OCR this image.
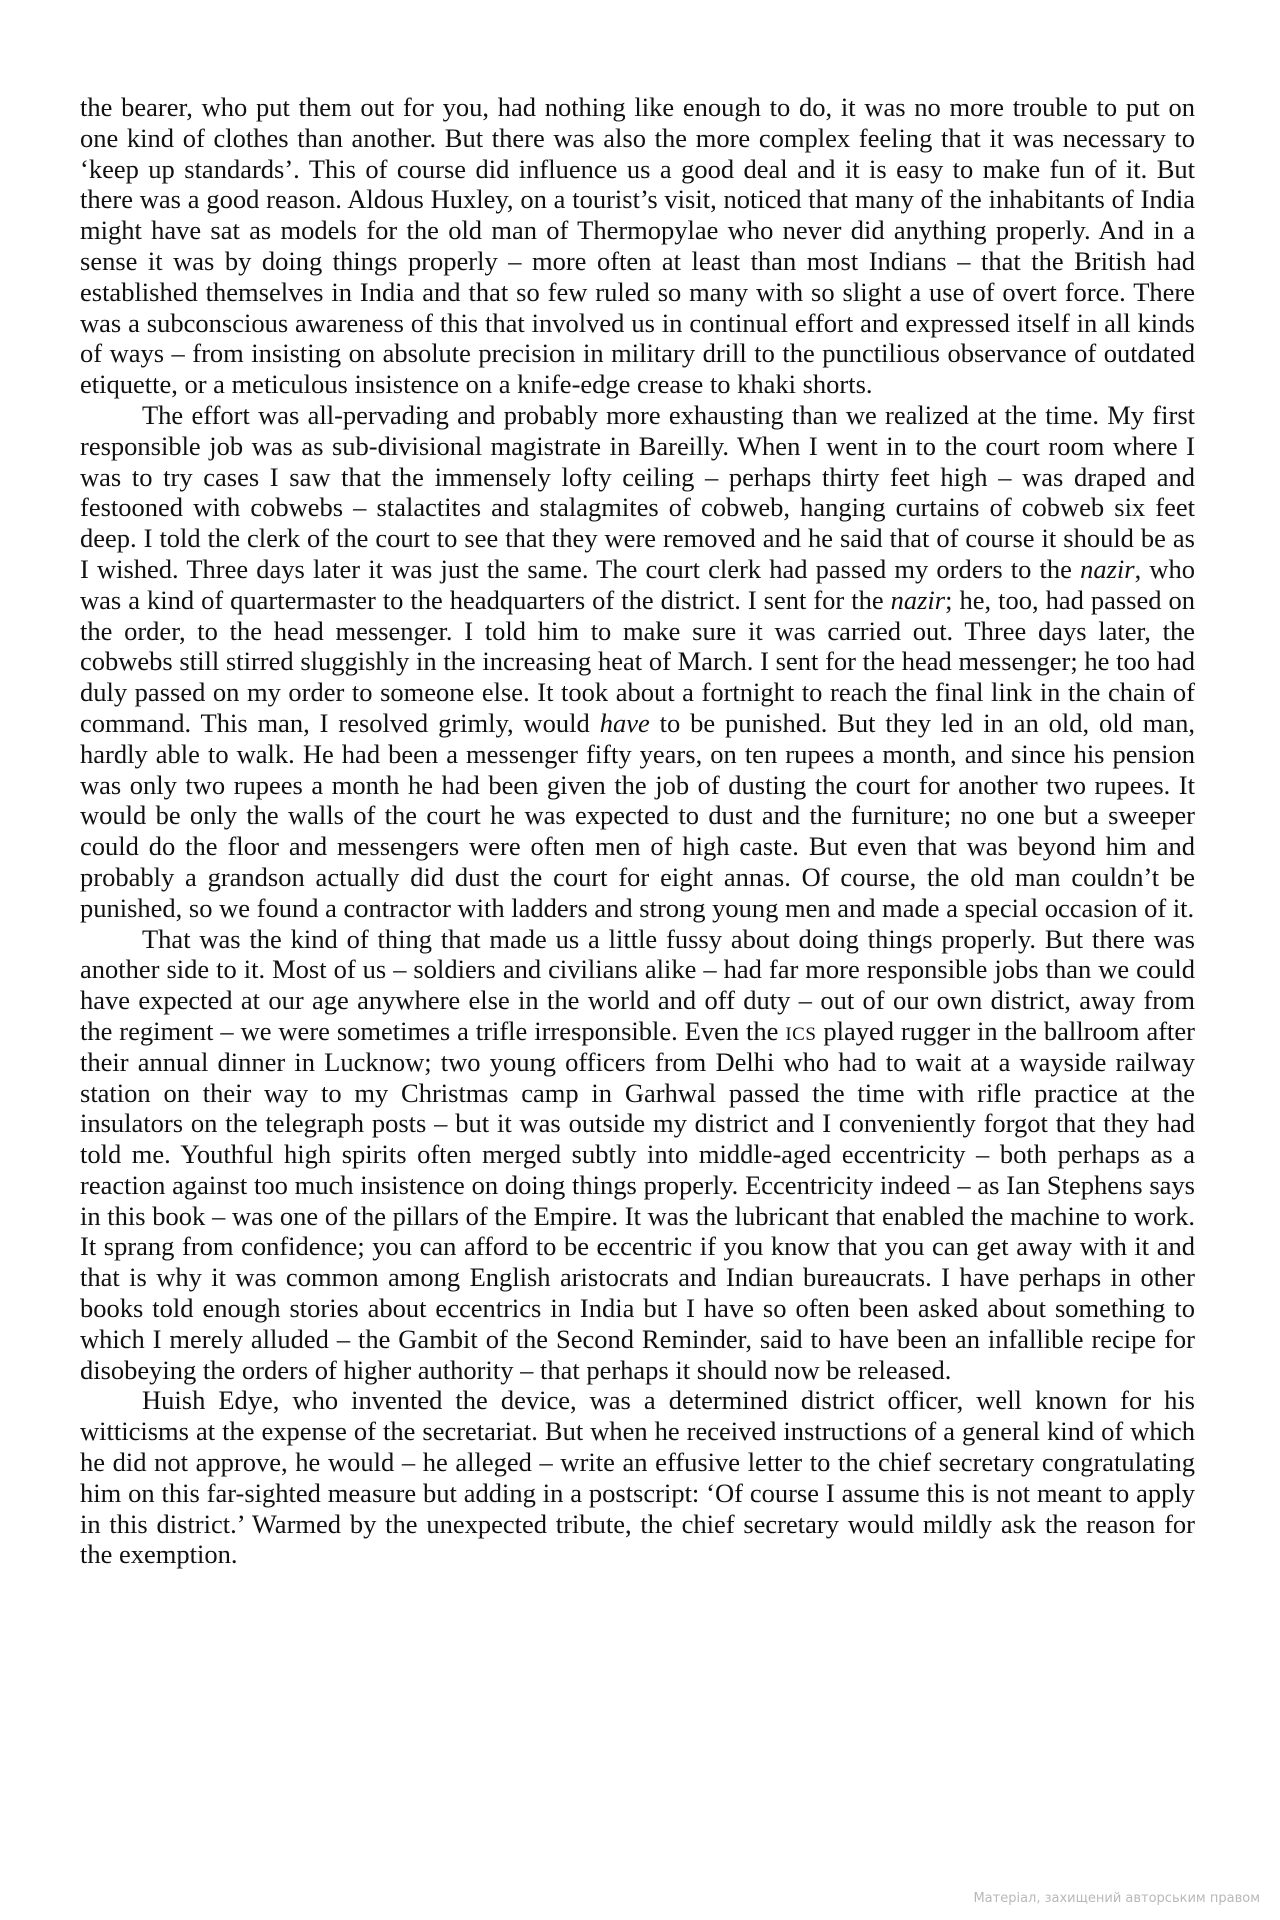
the bearer, who put them out for you, had nothing like enough to do, it was no more trouble to put on one kind of clothes than another. But there was also the more complex feeling that it was necessary to ‘keep up standards’. This of course did influence us a good deal and it is easy to make fun of it. But there was a good reason. Aldous Huxley, on a tourist’s visit, noticed that many of the inhabitants of India might have sat as models for the old man of Thermopylae who never did anything properly. And in a sense it was by doing things properly – more often at least than most Indians – that the British had established themselves in India and that so few ruled so many with so slight a use of overt force. There was a subconscious awareness of this that involved us in continual effort and expressed itself in all kinds of ways – from insisting on absolute precision in military drill to the punctilious observance of outdated etiquette, or a meticulous insistence on a knife-edge crease to khaki shorts.

The effort was all-pervading and probably more exhausting than we realized at the time. My first responsible job was as sub-divisional magistrate in Bareilly. When I went in to the court room where I was to try cases I saw that the immensely lofty ceiling – perhaps thirty feet high – was draped and festooned with cobwebs – stalactites and stalagmites of cobweb, hanging curtains of cobweb six feet deep. I told the clerk of the court to see that they were removed and he said that of course it should be as I wished. Three days later it was just the same. The court clerk had passed my orders to the nazir, who was a kind of quartermaster to the headquarters of the district. I sent for the nazir; he, too, had passed on the order, to the head messenger. I told him to make sure it was carried out. Three days later, the cobwebs still stirred sluggishly in the increasing heat of March. I sent for the head messenger; he too had duly passed on my order to someone else. It took about a fortnight to reach the final link in the chain of command. This man, I resolved grimly, would have to be punished. But they led in an old, old man, hardly able to walk. He had been a messenger fifty years, on ten rupees a month, and since his pension was only two rupees a month he had been given the job of dusting the court for another two rupees. It would be only the walls of the court he was expected to dust and the furniture; no one but a sweeper could do the floor and messengers were often men of high caste. But even that was beyond him and probably a grandson actually did dust the court for eight annas. Of course, the old man couldn’t be punished, so we found a contractor with ladders and strong young men and made a special occasion of it.

That was the kind of thing that made us a little fussy about doing things properly. But there was another side to it. Most of us – soldiers and civilians alike – had far more responsible jobs than we could have expected at our age anywhere else in the world and off duty – out of our own district, away from the regiment – we were sometimes a trifle irresponsible. Even the ics played rugger in the ballroom after their annual dinner in Lucknow; two young officers from Delhi who had to wait at a wayside railway station on their way to my Christmas camp in Garhwal passed the time with rifle practice at the insulators on the telegraph posts – but it was outside my district and I conveniently forgot that they had told me. Youthful high spirits often merged subtly into middle-aged eccentricity – both perhaps as a reaction against too much insistence on doing things properly. Eccentricity indeed – as Ian Stephens says in this book – was one of the pillars of the Empire. It was the lubricant that enabled the machine to work. It sprang from confidence; you can afford to be eccentric if you know that you can get away with it and that is why it was common among English aristocrats and Indian bureaucrats. I have perhaps in other books told enough stories about eccentrics in India but I have so often been asked about something to which I merely alluded – the Gambit of the Second Reminder, said to have been an infallible recipe for disobeying the orders of higher authority – that perhaps it should now be released.

Huish Edye, who invented the device, was a determined district officer, well known for his witticisms at the expense of the secretariat. But when he received instructions of a general kind of which he did not approve, he would – he alleged – write an effusive letter to the chief secretary congratulating him on this far-sighted measure but adding in a postscript: ‘Of course I assume this is not meant to apply in this district.’ Warmed by the unexpected tribute, the chief secretary would mildly ask the reason for the exemption.

Матеріал, захищений авторським правом
